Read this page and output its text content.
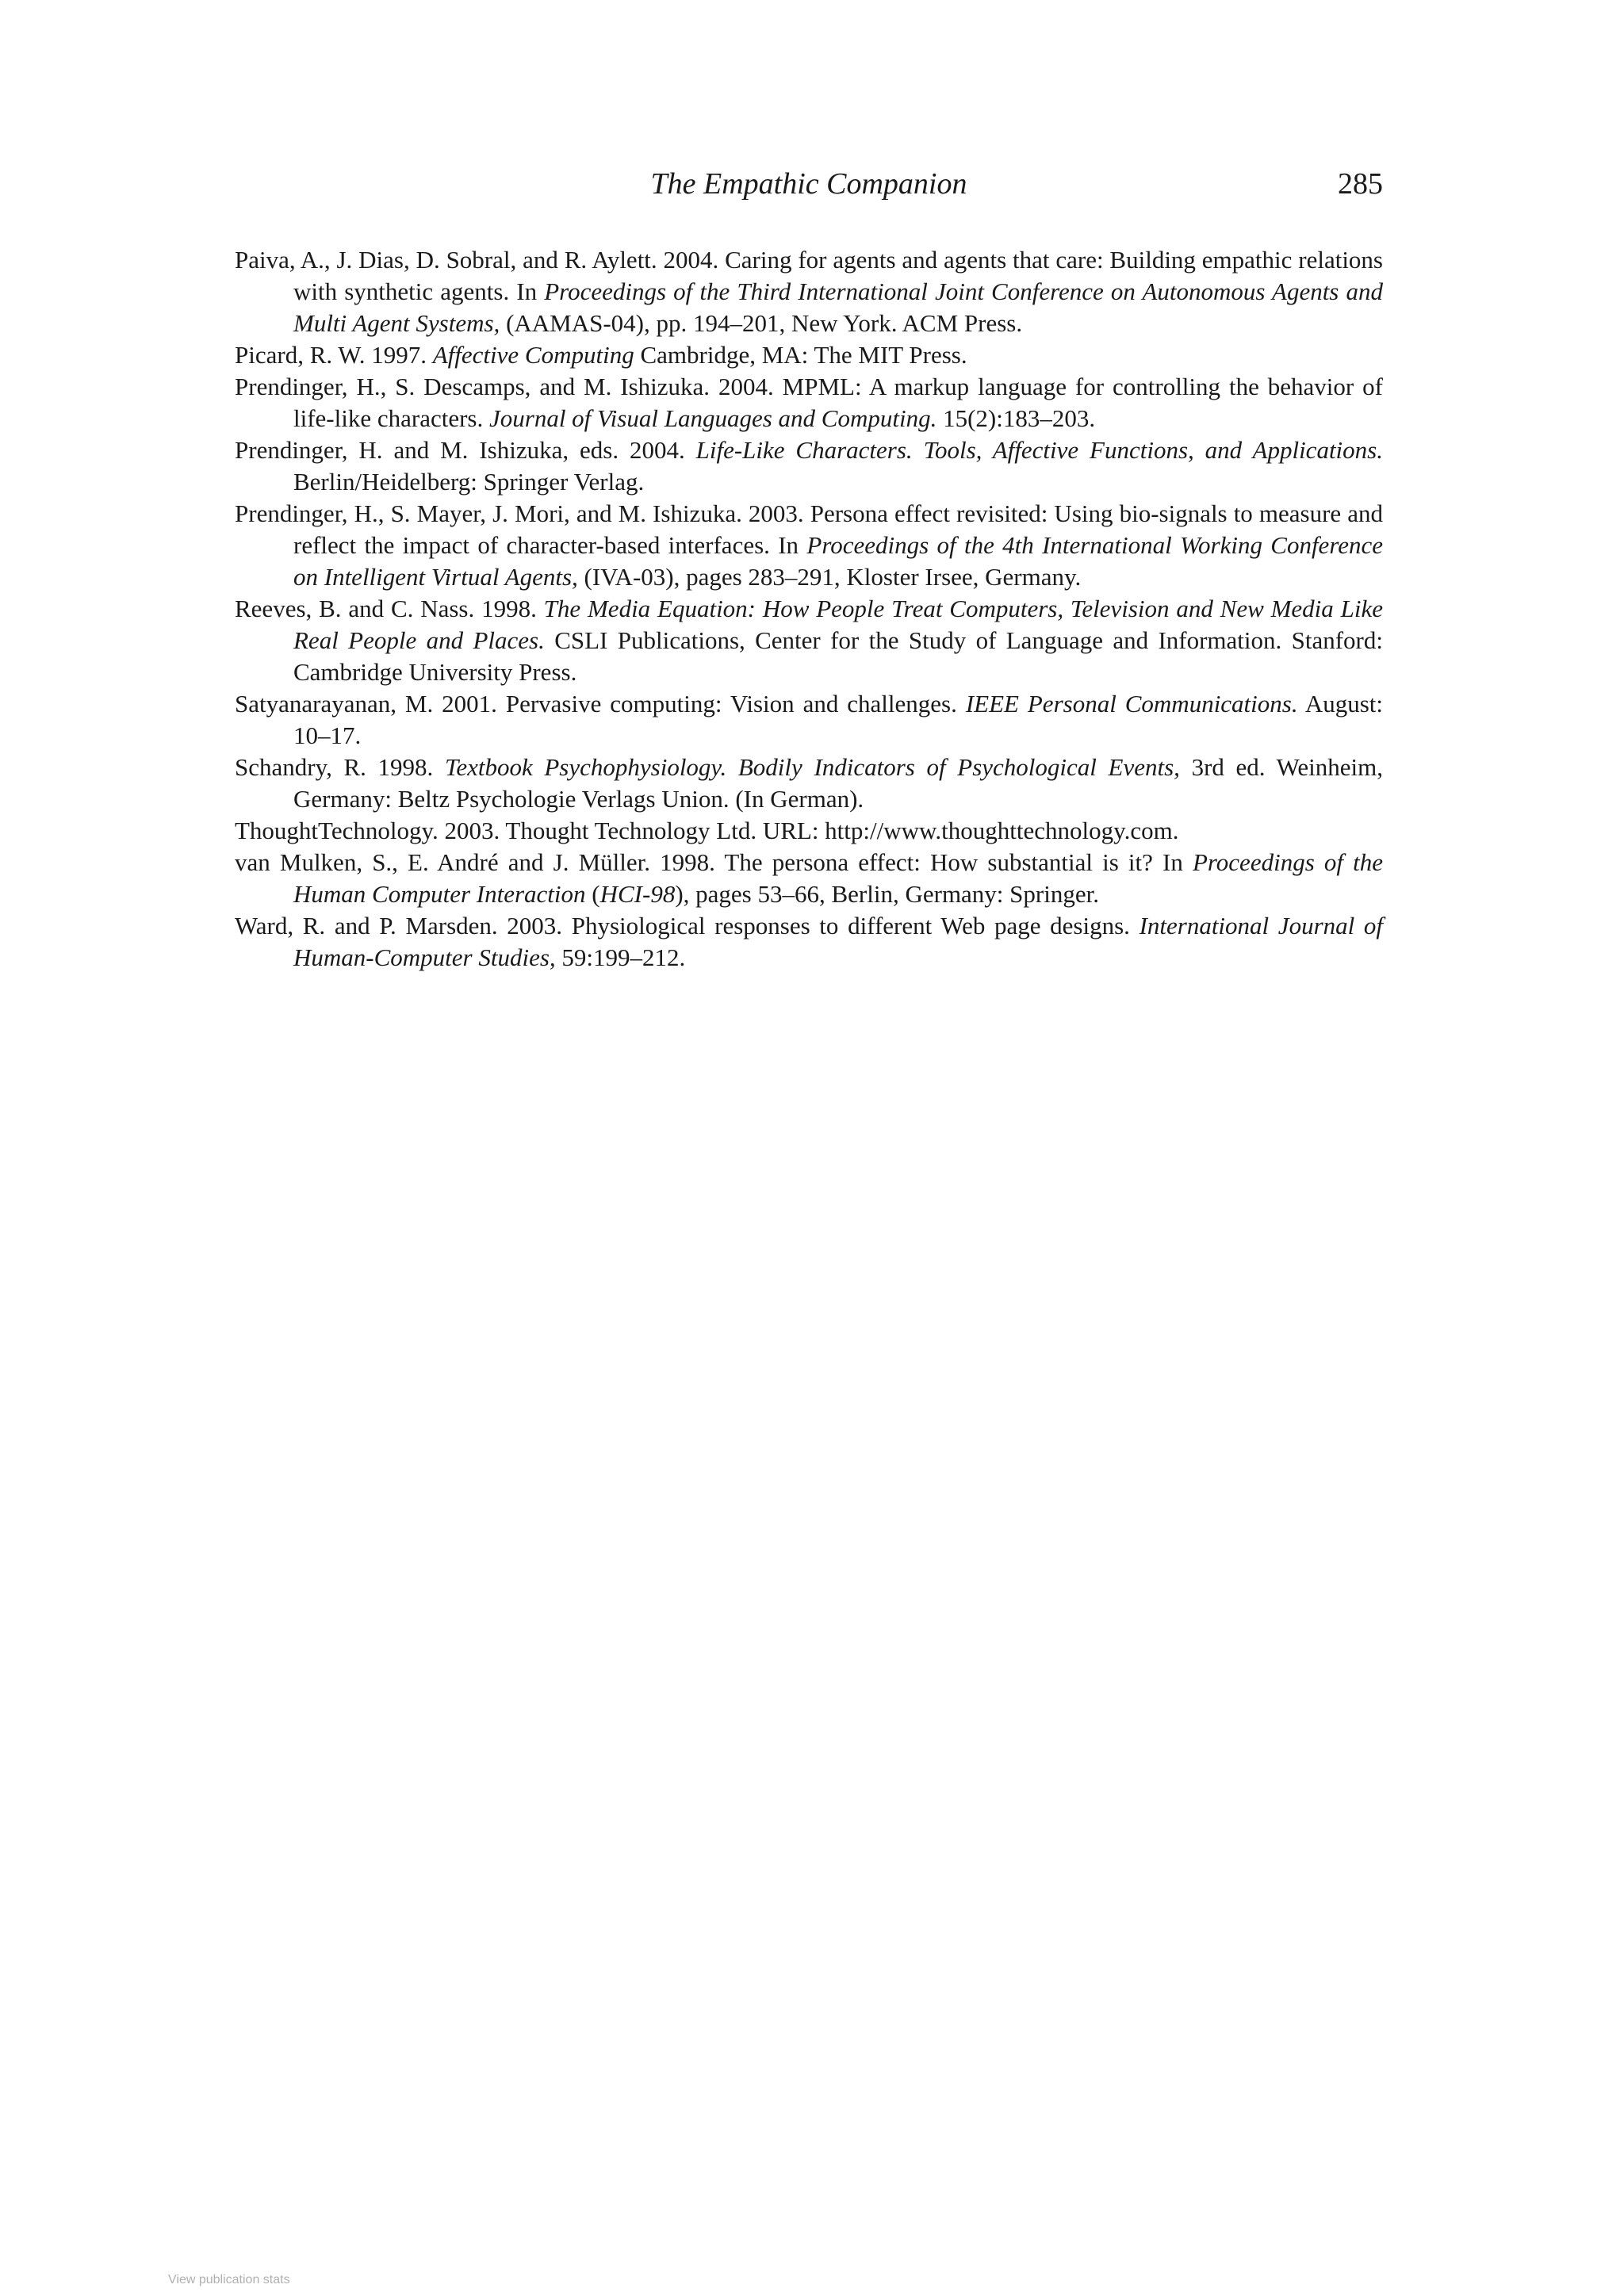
The Empathic Companion	285
Paiva, A., J. Dias, D. Sobral, and R. Aylett. 2004. Caring for agents and agents that care: Building empathic relations with synthetic agents. In Proceedings of the Third International Joint Conference on Autonomous Agents and Multi Agent Systems, (AAMAS-04), pp. 194–201, New York. ACM Press.
Picard, R. W. 1997. Affective Computing Cambridge, MA: The MIT Press.
Prendinger, H., S. Descamps, and M. Ishizuka. 2004. MPML: A markup language for controlling the behavior of life-like characters. Journal of Visual Languages and Computing. 15(2):183–203.
Prendinger, H. and M. Ishizuka, eds. 2004. Life-Like Characters. Tools, Affective Functions, and Applications. Berlin/Heidelberg: Springer Verlag.
Prendinger, H., S. Mayer, J. Mori, and M. Ishizuka. 2003. Persona effect revisited: Using bio-signals to measure and reflect the impact of character-based interfaces. In Proceedings of the 4th International Working Conference on Intelligent Virtual Agents, (IVA-03), pages 283–291, Kloster Irsee, Germany.
Reeves, B. and C. Nass. 1998. The Media Equation: How People Treat Computers, Television and New Media Like Real People and Places. CSLI Publications, Center for the Study of Language and Information. Stanford: Cambridge University Press.
Satyanarayanan, M. 2001. Pervasive computing: Vision and challenges. IEEE Personal Communications. August: 10–17.
Schandry, R. 1998. Textbook Psychophysiology. Bodily Indicators of Psychological Events, 3rd ed. Weinheim, Germany: Beltz Psychologie Verlags Union. (In German).
ThoughtTechnology. 2003. Thought Technology Ltd. URL: http://www.thoughttechnology.com.
van Mulken, S., E. André and J. Müller. 1998. The persona effect: How substantial is it? In Proceedings of the Human Computer Interaction (HCI-98), pages 53–66, Berlin, Germany: Springer.
Ward, R. and P. Marsden. 2003. Physiological responses to different Web page designs. International Journal of Human-Computer Studies, 59:199–212.
View publication stats
